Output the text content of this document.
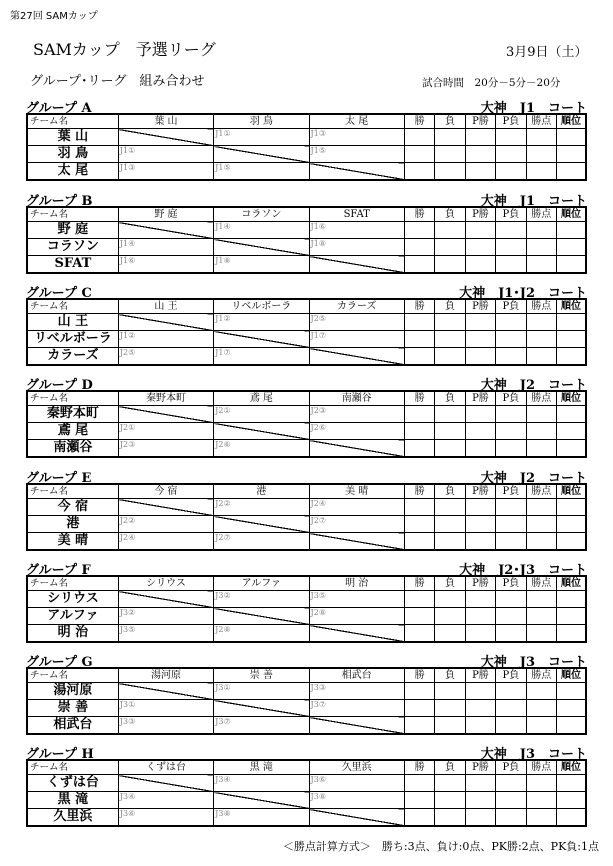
第27回 SAMカップ
SAMカップ　予選リーグ	3月9日（土）
グループ･リーグ　組み合わせ	試合時間　20分－5分－20分
グループ A	大神　J1　コート
チーム名	葉 山	羽 鳥	太 尾	勝	負	P勝	P負	勝点	順位
葉 山		J1①	J1③						
羽 鳥	J1①		J1⑤						
太 尾	J1③	J1⑤							
グループ B	大神　J1　コート
チーム名	野 庭	コラソン	SFAT	勝	負	P勝	P負	勝点	順位
野 庭		J1④	J1⑥						
コラソン	J1④		J1⑧						
SFAT	J1⑥	J1⑧							
グループ C	大神　J1･J2　コート
チーム名	山 王	リベルボーラ	カラーズ	勝	負	P勝	P負	勝点	順位
山 王		J1②	J2⑤						
リベルボーラ	J1②		J1⑦						
カラーズ	J2⑤	J1⑦							
グループ D	大神　J2　コート
チーム名	秦野本町	鳶 尾	南瀬谷	勝	負	P勝	P負	勝点	順位
秦野本町		J2①	J2③						
鳶 尾	J2①		J2⑥						
南瀬谷	J2③	J2⑥							
グループ E	大神　J2　コート
チーム名	今 宿	港	美 晴	勝	負	P勝	P負	勝点	順位
今 宿		J2②	J2④						
港	J2②		J2⑦						
美 晴	J2④	J2⑦							
グループ F	大神　J2･J3　コート
チーム名	シリウス	アルファ	明 治	勝	負	P勝	P負	勝点	順位
シリウス		J3②	J3⑤						
アルファ	J3②		J2⑧						
明 治	J3⑤	J2⑧							
グループ G	大神　J3　コート
チーム名	湯河原	崇 善	相武台	勝	負	P勝	P負	勝点	順位
湯河原		J3①	J3③						
崇 善	J3①		J3⑦						
相武台	J3③	J3⑦							
グループ H	大神　J3　コート
チーム名	くずは台	黒 滝	久里浜	勝	負	P勝	P負	勝点	順位
くずは台		J3④	J3⑥						
黒 滝	J3④		J3⑧						
久里浜	J3⑥	J3⑧							
＜勝点計算方式＞　勝ち:3点、負け:0点、PK勝:2点、PK負:1点
